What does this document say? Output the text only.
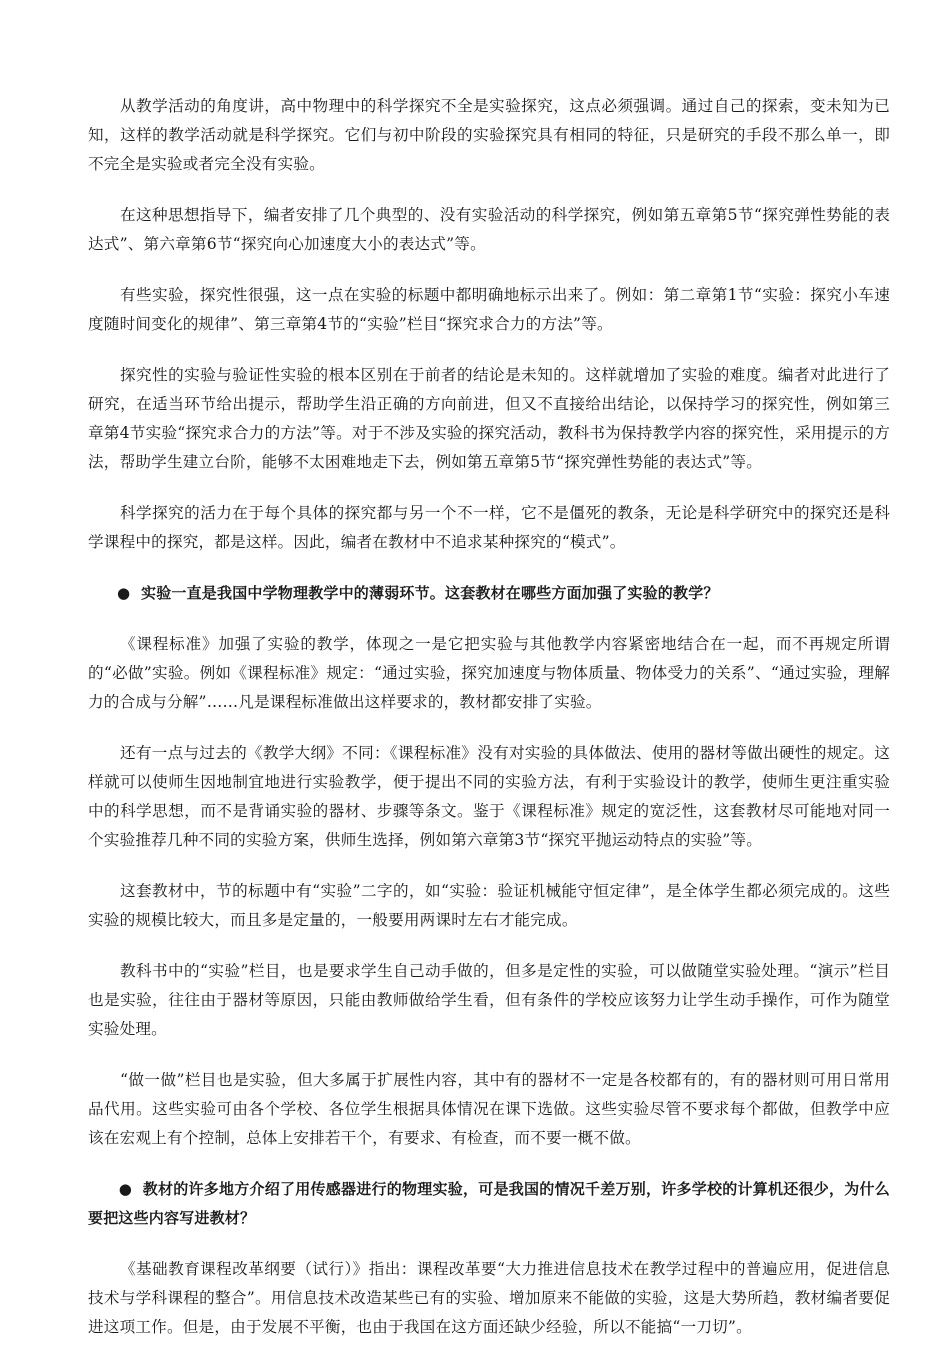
从教学活动的角度讲，高中物理中的科学探究不全是实验探究，这点必须强调。通过自己的探索，变未知为已知，这样的教学活动就是科学探究。它们与初中阶段的实验探究具有相同的特征，只是研究的手段不那么单一，即不完全是实验或者完全没有实验。

在这种思想指导下，编者安排了几个典型的、没有实验活动的科学探究，例如第五章第5节“探究弹性势能的表达式”、第六章第6节“探究向心加速度大小的表达式”等。

有些实验，探究性很强，这一点在实验的标题中都明确地标示出来了。例如：第二章第1节“实验：探究小车速度随时间变化的规律”、第三章第4节的“实验”栏目“探究求合力的方法”等。

探究性的实验与验证性实验的根本区别在于前者的结论是未知的。这样就增加了实验的难度。编者对此进行了研究，在适当环节给出提示，帮助学生沿正确的方向前进，但又不直接给出结论，以保持学习的探究性，例如第三章第4节实验“探究求合力的方法”等。对于不涉及实验的探究活动，教科书为保持教学内容的探究性，采用提示的方法，帮助学生建立台阶，能够不太困难地走下去，例如第五章第5节“探究弹性势能的表达式”等。

科学探究的活力在于每个具体的探究都与另一个不一样，它不是僵死的教条，无论是科学研究中的探究还是科学课程中的探究，都是这样。因此，编者在教材中不追求某种探究的“模式”。

● 实验一直是我国中学物理教学中的薄弱环节。这套教材在哪些方面加强了实验的教学？

《课程标准》加强了实验的教学，体现之一是它把实验与其他教学内容紧密地结合在一起，而不再规定所谓的“必做”实验。例如《课程标准》规定：“通过实验，探究加速度与物体质量、物体受力的关系”、“通过实验，理解力的合成与分解”……凡是课程标准做出这样要求的，教材都安排了实验。

还有一点与过去的《教学大纲》不同：《课程标准》没有对实验的具体做法、使用的器材等做出硬性的规定。这样就可以使师生因地制宜地进行实验教学，便于提出不同的实验方法，有利于实验设计的教学，使师生更注重实验中的科学思想，而不是背诵实验的器材、步骤等条文。鉴于《课程标准》规定的宽泛性，这套教材尽可能地对同一个实验推荐几种不同的实验方案，供师生选择，例如第六章第3节“探究平抛运动特点的实验”等。

这套教材中，节的标题中有“实验”二字的，如“实验：验证机械能守恒定律”，是全体学生都必须完成的。这些实验的规模比较大，而且多是定量的，一般要用两课时左右才能完成。

教科书中的“实验”栏目，也是要求学生自己动手做的，但多是定性的实验，可以做随堂实验处理。“演示”栏目也是实验，往往由于器材等原因，只能由教师做给学生看，但有条件的学校应该努力让学生动手操作，可作为随堂实验处理。

“做一做”栏目也是实验，但大多属于扩展性内容，其中有的器材不一定是各校都有的，有的器材则可用日常用品代用。这些实验可由各个学校、各位学生根据具体情况在课下选做。这些实验尽管不要求每个都做，但教学中应该在宏观上有个控制，总体上安排若干个，有要求、有检查，而不要一概不做。

● 教材的许多地方介绍了用传感器进行的物理实验，可是我国的情况千差万别，许多学校的计算机还很少，为什么要把这些内容写进教材？

《基础教育课程改革纲要（试行）》指出：课程改革要“大力推进信息技术在教学过程中的普遍应用，促进信息技术与学科课程的整合”。用信息技术改造某些已有的实验、增加原来不能做的实验，这是大势所趋，教材编者要促进这项工作。但是，由于发展不平衡，也由于我国在这方面还缺少经验，所以不能搞“一刀切”。
